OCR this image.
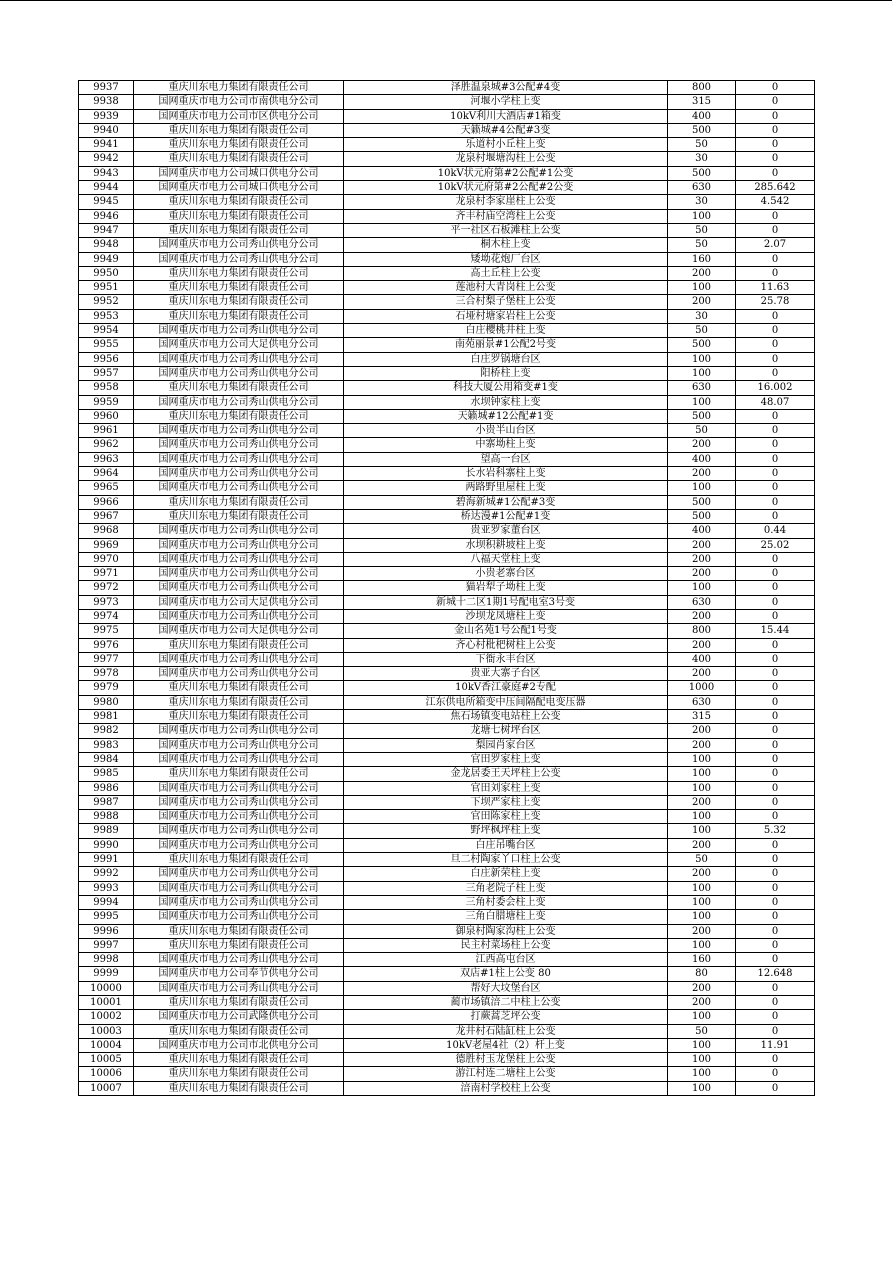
9937	重庆川东电力集团有限责任公司	泽胜温泉城#3公配#4变	800	0
9938	国网重庆市电力公司市南供电分公司	河堰小学柱上变	315	0
9939	国网重庆市电力公司市区供电分公司	10kV利川大酒店#1箱变	400	0
9940	重庆川东电力集团有限责任公司	天籁城#4公配#3变	500	0
9941	重庆川东电力集团有限责任公司	乐道村小丘柱上变	50	0
9942	重庆川东电力集团有限责任公司	龙泉村堰塘沟柱上公变	30	0
9943	国网重庆市电力公司城口供电分公司	10kV状元府第#2公配#1公变	500	0
9944	国网重庆市电力公司城口供电分公司	10kV状元府第#2公配#2公变	630	285.642
9945	重庆川东电力集团有限责任公司	龙泉村李家崖柱上公变	30	4.542
9946	重庆川东电力集团有限责任公司	齐丰村庙空湾柱上公变	100	0
9947	重庆川东电力集团有限责任公司	平一社区石板滩柱上公变	50	0
9948	国网重庆市电力公司秀山供电分公司	桐木柱上变	50	2.07
9949	国网重庆市电力公司秀山供电分公司	矮坳花炮厂台区	160	0
9950	重庆川东电力集团有限责任公司	高土丘柱上公变	200	0
9951	重庆川东电力集团有限责任公司	莲池村大青岗柱上公变	100	11.63
9952	重庆川东电力集团有限责任公司	三合村梨子堡柱上公变	200	25.78
9953	重庆川东电力集团有限责任公司	石垭村塘家岩柱上公变	30	0
9954	国网重庆市电力公司秀山供电分公司	白庄樱桃井柱上变	50	0
9955	国网重庆市电力公司大足供电分公司	南苑丽景#1公配2号变	500	0
9956	国网重庆市电力公司秀山供电分公司	白庄罗锅塘台区	100	0
9957	国网重庆市电力公司秀山供电分公司	阳桥柱上变	100	0
9958	重庆川东电力集团有限责任公司	科技大厦公用箱变#1变	630	16.002
9959	国网重庆市电力公司秀山供电分公司	水坝钟家柱上变	100	48.07
9960	重庆川东电力集团有限责任公司	天籁城#12公配#1变	500	0
9961	国网重庆市电力公司秀山供电分公司	小贵半山台区	50	0
9962	国网重庆市电力公司秀山供电分公司	中寨坳柱上变	200	0
9963	国网重庆市电力公司秀山供电分公司	望高一台区	400	0
9964	国网重庆市电力公司秀山供电分公司	长水岩科寨柱上变	200	0
9965	国网重庆市电力公司秀山供电分公司	两路野里屋柱上变	100	0
9966	重庆川东电力集团有限责任公司	碧海新城#1公配#3变	500	0
9967	重庆川东电力集团有限责任公司	桥达漫#1公配#1变	500	0
9968	国网重庆市电力公司秀山供电分公司	贵亚罗家董台区	400	0.44
9969	国网重庆市电力公司秀山供电分公司	水坝积耕坡柱上变	200	25.02
9970	国网重庆市电力公司秀山供电分公司	八福天堂柱上变	200	0
9971	国网重庆市电力公司秀山供电分公司	小贵老寨台区	200	0
9972	国网重庆市电力公司秀山供电分公司	猫岩犁子坳柱上变	100	0
9973	国网重庆市电力公司大足供电分公司	新城十二区1期1号配电室3号变	630	0
9974	国网重庆市电力公司秀山供电分公司	沙坝龙凤塘柱上变	200	0
9975	国网重庆市电力公司大足供电分公司	金山名苑1号公配1号变	800	15.44
9976	重庆川东电力集团有限责任公司	齐心村枇杷树柱上公变	200	0
9977	国网重庆市电力公司秀山供电分公司	下衙永丰台区	400	0
9978	国网重庆市电力公司秀山供电分公司	贵亚大寨子台区	200	0
9979	重庆川东电力集团有限责任公司	10kV香江豪庭#2专配	1000	0
9980	重庆川东电力集团有限责任公司	江东供电所箱变中压间隔配电变压器	630	0
9981	重庆川东电力集团有限责任公司	焦石场镇变电站柱上公变	315	0
9982	国网重庆市电力公司秀山供电分公司	龙塘七树坪台区	200	0
9983	国网重庆市电力公司秀山供电分公司	梨园肖家台区	200	0
9984	国网重庆市电力公司秀山供电分公司	官田罗家柱上变	100	0
9985	重庆川东电力集团有限责任公司	金龙居委王天坪柱上公变	100	0
9986	国网重庆市电力公司秀山供电分公司	官田刘家柱上变	100	0
9987	国网重庆市电力公司秀山供电分公司	下坝严家柱上变	200	0
9988	国网重庆市电力公司秀山供电分公司	官田陈家柱上变	100	0
9989	国网重庆市电力公司秀山供电分公司	野坪枫坪柱上变	100	5.32
9990	国网重庆市电力公司秀山供电分公司	白庄吊嘴台区	200	0
9991	重庆川东电力集团有限责任公司	旦二村陶家丫口柱上公变	50	0
9992	国网重庆市电力公司秀山供电分公司	白庄新荣柱上变	200	0
9993	国网重庆市电力公司秀山供电分公司	三角老院子柱上变	100	0
9994	国网重庆市电力公司秀山供电分公司	三角村委会柱上变	100	0
9995	国网重庆市电力公司秀山供电分公司	三角白腊塘柱上变	100	0
9996	重庆川东电力集团有限责任公司	御泉村陶家沟柱上公变	200	0
9997	重庆川东电力集团有限责任公司	民主村菜场柱上公变	100	0
9998	国网重庆市电力公司秀山供电分公司	江西高屯台区	160	0
9999	国网重庆市电力公司奉节供电分公司	双店#1柱上公变 80	80	12.648
10000	国网重庆市电力公司秀山供电分公司	帮好大坟堡台区	200	0
10001	重庆川东电力集团有限责任公司	蔺市场镇涪二中柱上公变	200	0
10002	国网重庆市电力公司武隆供电分公司	打蕨蒿芝坪公变	100	0
10003	重庆川东电力集团有限责任公司	龙井村石陆缸柱上公变	50	0
10004	国网重庆市电力公司市北供电分公司	10kV老屋4社（2）杆上变	100	11.91
10005	重庆川东电力集团有限责任公司	德胜村玉龙堡柱上公变	100	0
10006	重庆川东电力集团有限责任公司	游江村连二塘柱上公变	100	0
10007	重庆川东电力集团有限责任公司	涪南村学校柱上公变	100	0
